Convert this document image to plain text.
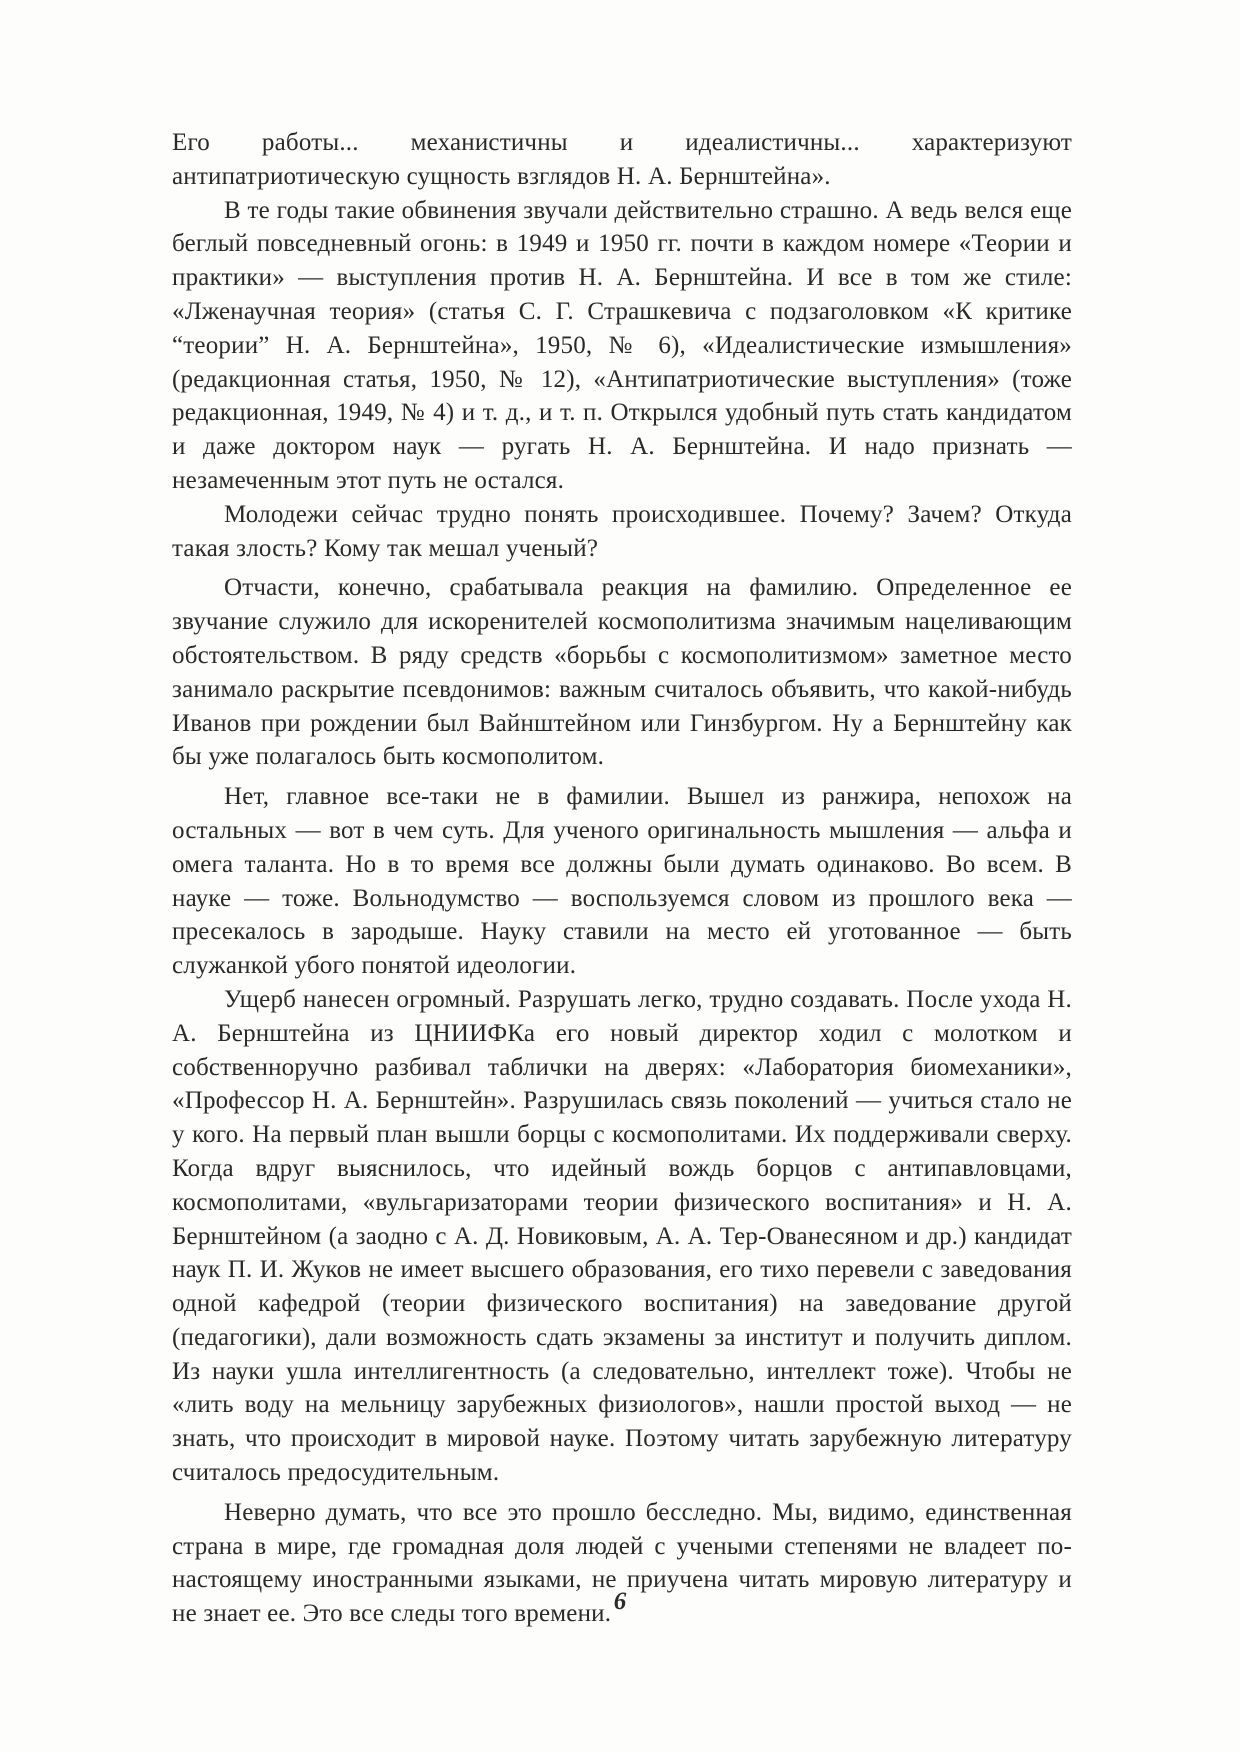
Его работы... механистичны и идеалистичны... характеризуют антипатриотическую сущность взглядов Н. А. Бернштейна».

В те годы такие обвинения звучали действительно страшно. А ведь велся еще беглый повседневный огонь: в 1949 и 1950 гг. почти в каждом номере «Теории и практики» — выступления против Н. А. Бернштейна. И все в том же стиле: «Лженаучная теория» (статья С. Г. Страшкевича с подзаголовком «К критике “теории” Н. А. Бернштейна», 1950, № 6), «Идеалистические измышления» (редакционная статья, 1950, № 12), «Антипатриотические выступления» (тоже редакционная, 1949, № 4) и т. д., и т. п. Открылся удобный путь стать кандидатом и даже доктором наук — ругать Н. А. Бернштейна. И надо признать — незамеченным этот путь не остался.

Молодежи сейчас трудно понять происходившее. Почему? Зачем? Откуда такая злость? Кому так мешал ученый?

Отчасти, конечно, срабатывала реакция на фамилию. Определенное ее звучание служило для искоренителей космополитизма значимым нацеливающим обстоятельством. В ряду средств «борьбы с космополитизмом» заметное место занимало раскрытие псевдонимов: важным считалось объявить, что какой-нибудь Иванов при рождении был Вайнштейном или Гинзбургом. Ну а Бернштейну как бы уже полагалось быть космополитом.

Нет, главное все-таки не в фамилии. Вышел из ранжира, непохож на остальных — вот в чем суть. Для ученого оригинальность мышления — альфа и омега таланта. Но в то время все должны были думать одинаково. Во всем. В науке — тоже. Вольнодумство — воспользуемся словом из прошлого века — пресекалось в зародыше. Науку ставили на место ей уготованное — быть служанкой убого понятой идеологии.

Ущерб нанесен огромный. Разрушать легко, трудно создавать. После ухода Н. А. Бернштейна из ЦНИИФКа его новый директор ходил с молотком и собственноручно разбивал таблички на дверях: «Лаборатория биомеханики», «Профессор Н. А. Бернштейн». Разрушилась связь поколений — учиться стало не у кого. На первый план вышли борцы с космополитами. Их поддерживали сверху. Когда вдруг выяснилось, что идейный вождь борцов с антипавловцами, космополитами, «вульгаризаторами теории физического воспитания» и Н. А. Бернштейном (а заодно с А. Д. Новиковым, А. А. Тер-Ованесяном и др.) кандидат наук П. И. Жуков не имеет высшего образования, его тихо перевели с заведования одной кафедрой (теории физического воспитания) на заведование другой (педагогики), дали возможность сдать экзамены за институт и получить диплом. Из науки ушла интеллигентность (а следовательно, интеллект тоже). Чтобы не «лить воду на мельницу зарубежных физиологов», нашли простой выход — не знать, что происходит в мировой науке. Поэтому читать зарубежную литературу считалось предосудительным.

Неверно думать, что все это прошло бесследно. Мы, видимо, единственная страна в мире, где громадная доля людей с учеными степенями не владеет по-настоящему иностранными языками, не приучена читать мировую литературу и не знает ее. Это все следы того времени. 6
